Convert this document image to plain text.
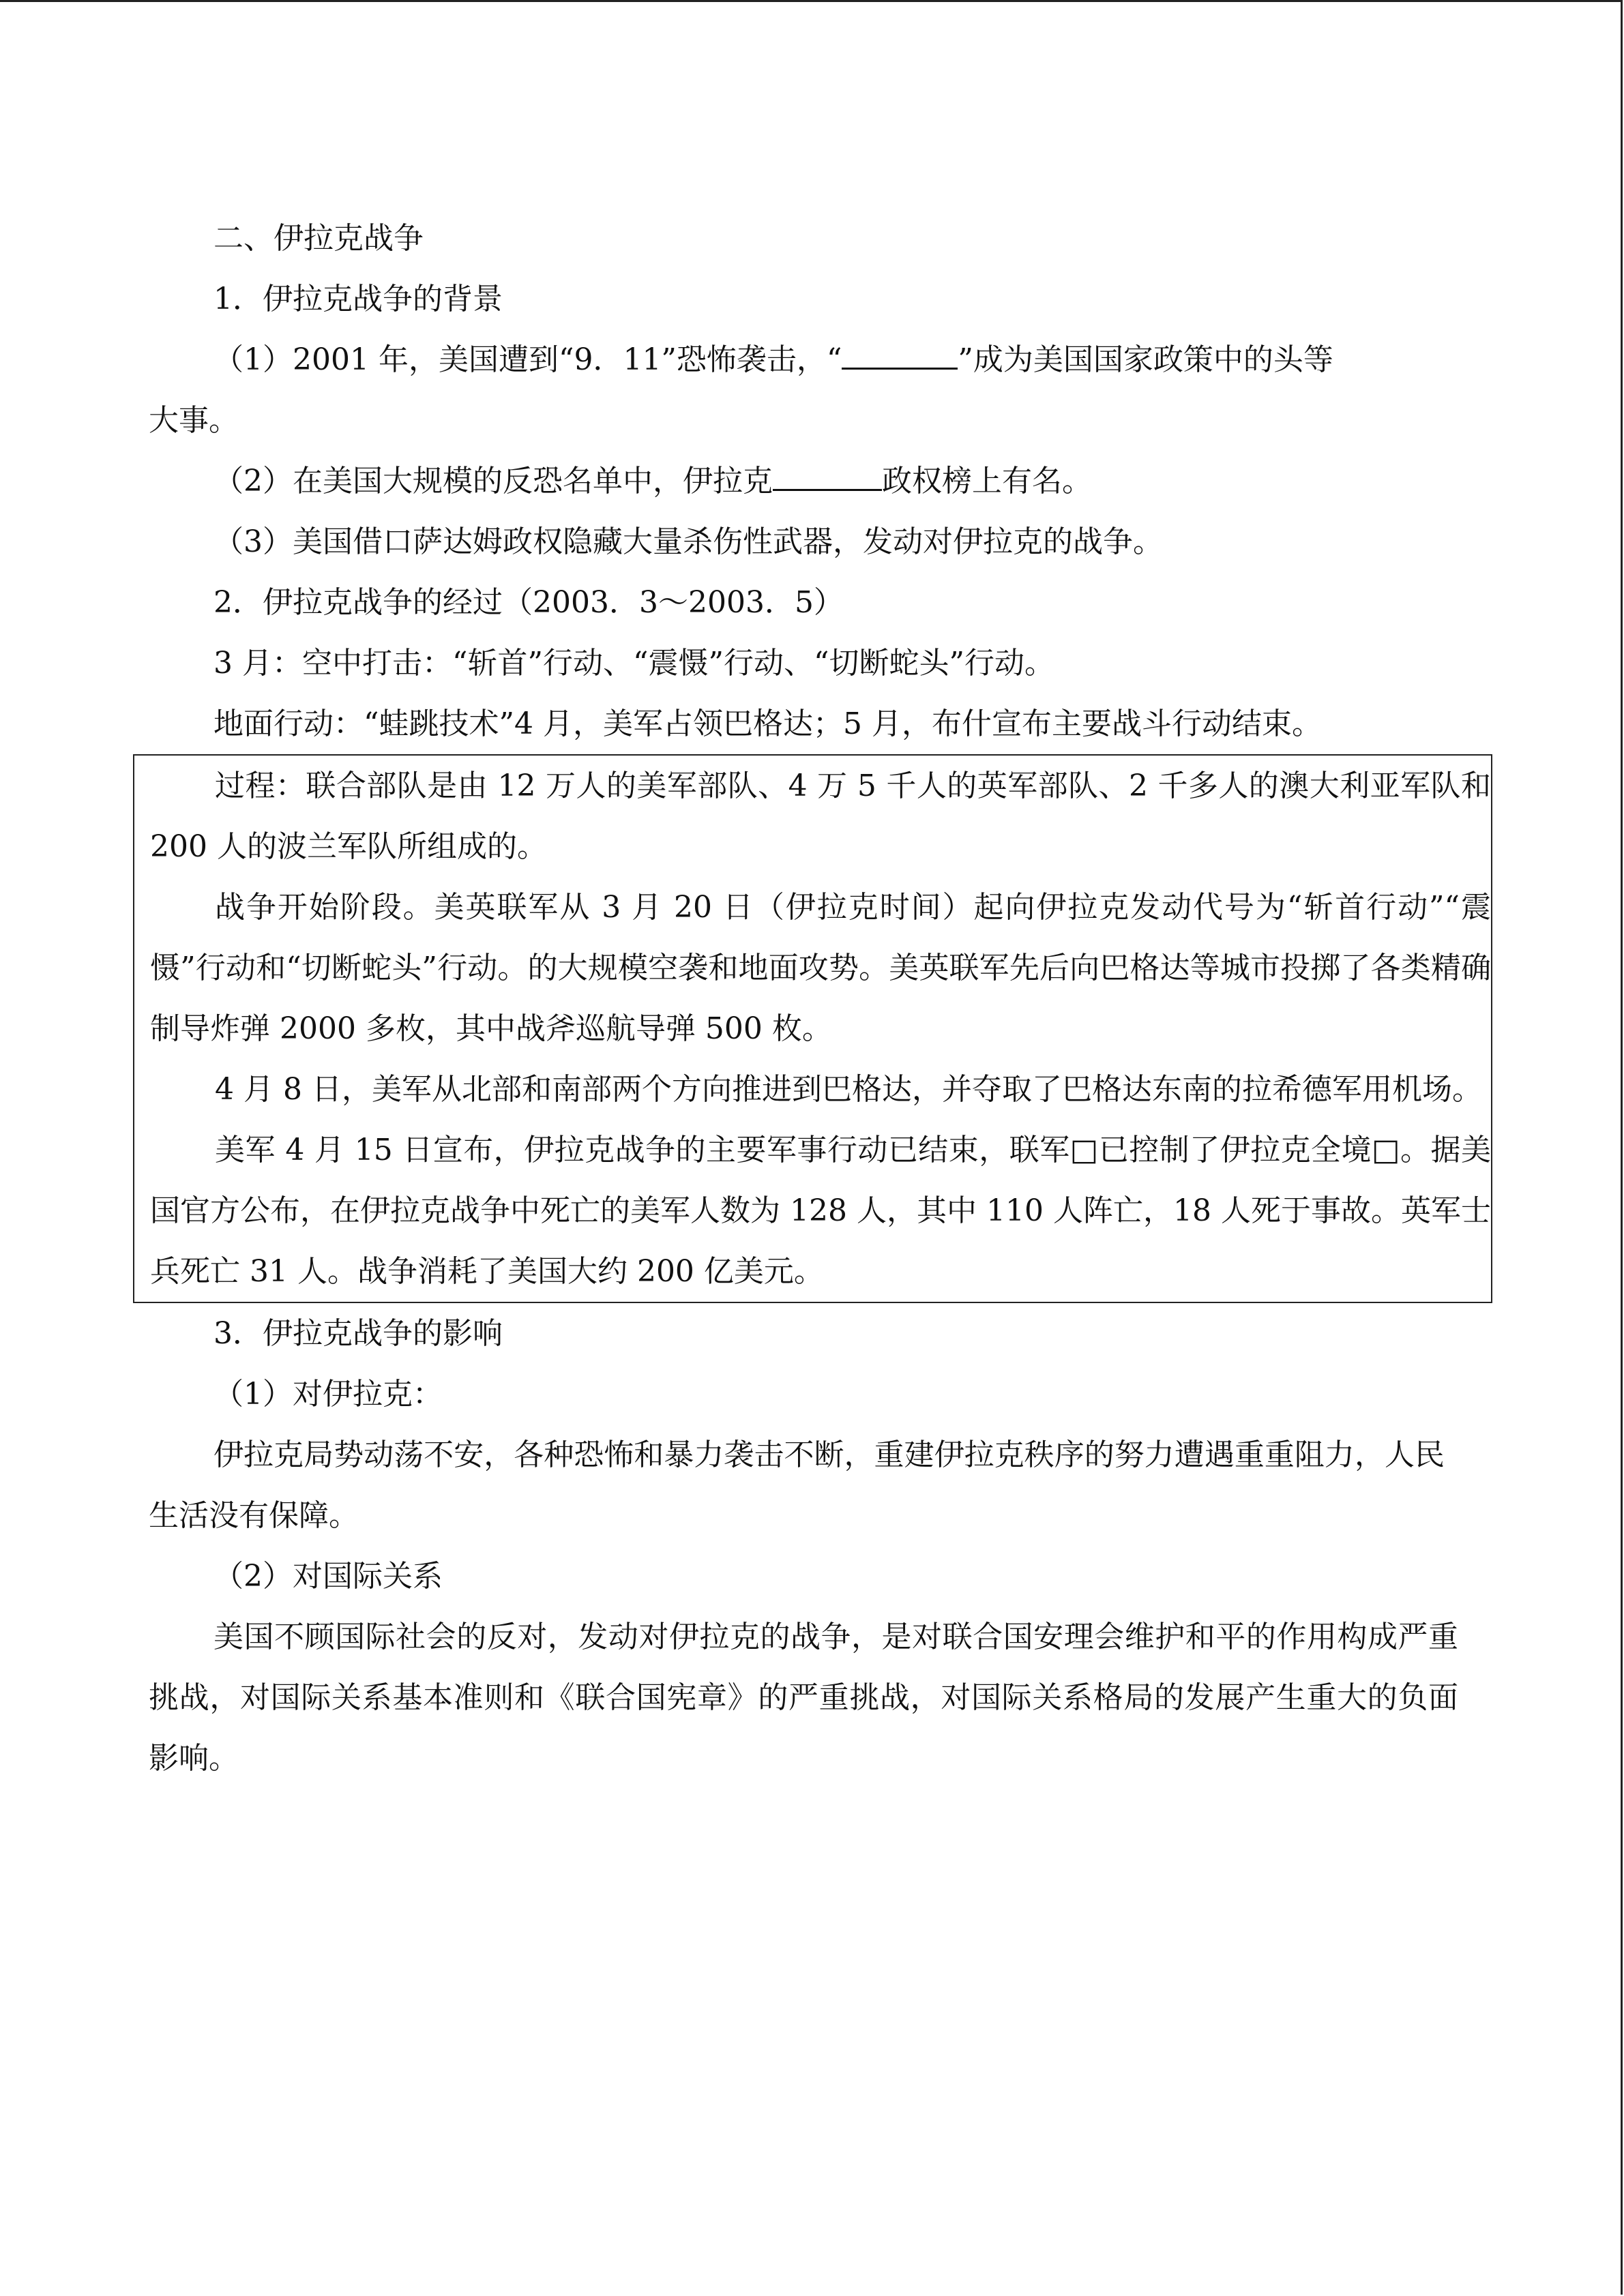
二、伊拉克战争

1．伊拉克战争的背景

（1）2001 年，美国遭到“9．11”恐怖袭击，“	”成为美国国家政策中的头等

大事。

（2）在美国大规模的反恐名单中，伊拉克	政权榜上有名。

（3）美国借口萨达姆政权隐藏大量杀伤性武器，发动对伊拉克的战争。

2．伊拉克战争的经过（2003．3～2003．5）

3 月：空中打击：“斩首”行动、“震慑”行动、“切断蛇头”行动。

地面行动：“蛙跳技术”4 月，美军占领巴格达；5 月，布什宣布主要战斗行动结束。

过程：联合部队是由 12 万人的美军部队、4 万 5 千人的英军部队、2 千多人的澳大利亚军队和 200 人的波兰军队所组成的。

战争开始阶段。美英联军从 3 月 20 日（伊拉克时间）起向伊拉克发动代号为“斩首行动”“震慑”行动和“切断蛇头”行动。的大规模空袭和地面攻势。美英联军先后向巴格达等城市投掷了各类精确制导炸弹 2000 多枚，其中战斧巡航导弹 500 枚。

4 月 8 日，美军从北部和南部两个方向推进到巴格达，并夺取了巴格达东南的拉希德军用机场。

美军 4 月 15 日宣布，伊拉克战争的主要军事行动已结束，联军□已控制了伊拉克全境□。据美国官方公布，在伊拉克战争中死亡的美军人数为 128 人，其中 110 人阵亡，18 人死于事故。英军士兵死亡 31 人。战争消耗了美国大约 200 亿美元。

3．伊拉克战争的影响

（1）对伊拉克：

伊拉克局势动荡不安，各种恐怖和暴力袭击不断，重建伊拉克秩序的努力遭遇重重阻力，人民生活没有保障。

（2）对国际关系

美国不顾国际社会的反对，发动对伊拉克的战争，是对联合国安理会维护和平的作用构成严重挑战，对国际关系基本准则和《联合国宪章》的严重挑战，对国际关系格局的发展产生重大的负面影响。
